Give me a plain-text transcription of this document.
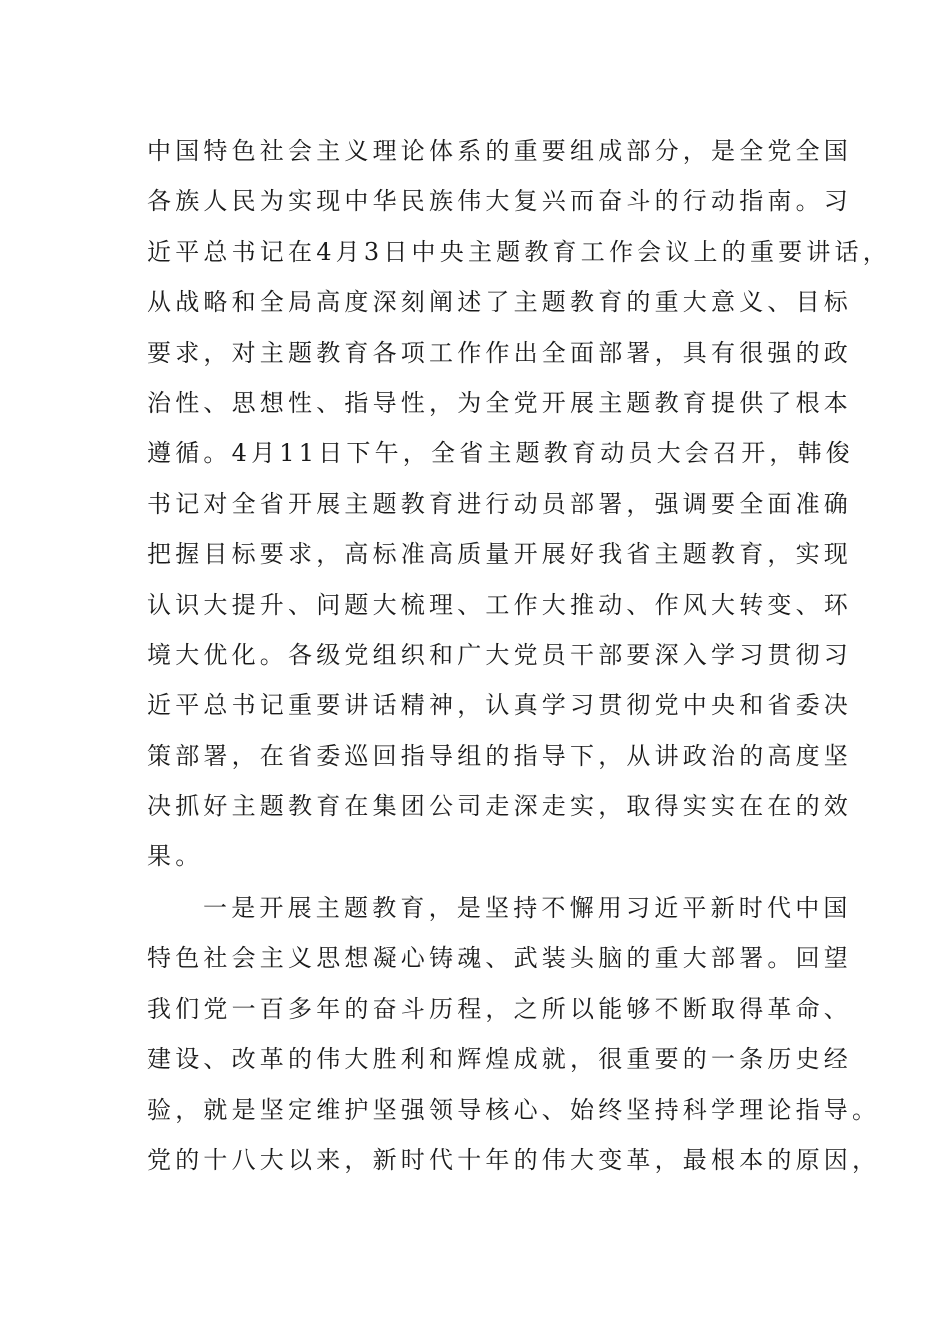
中国特色社会主义理论体系的重要组成部分，是全党全国
各族人民为实现中华民族伟大复兴而奋斗的行动指南。习
近平总书记在4月3日中央主题教育工作会议上的重要讲话，
从战略和全局高度深刻阐述了主题教育的重大意义、目标
要求，对主题教育各项工作作出全面部署，具有很强的政
治性、思想性、指导性，为全党开展主题教育提供了根本
遵循。4月11日下午，全省主题教育动员大会召开，韩俊
书记对全省开展主题教育进行动员部署，强调要全面准确
把握目标要求，高标准高质量开展好我省主题教育，实现
认识大提升、问题大梳理、工作大推动、作风大转变、环
境大优化。各级党组织和广大党员干部要深入学习贯彻习
近平总书记重要讲话精神，认真学习贯彻党中央和省委决
策部署，在省委巡回指导组的指导下，从讲政治的高度坚
决抓好主题教育在集团公司走深走实，取得实实在在的效
果。
一是开展主题教育，是坚持不懈用习近平新时代中国
特色社会主义思想凝心铸魂、武装头脑的重大部署。回望
我们党一百多年的奋斗历程，之所以能够不断取得革命、
建设、改革的伟大胜利和辉煌成就，很重要的一条历史经
验，就是坚定维护坚强领导核心、始终坚持科学理论指导。
党的十八大以来，新时代十年的伟大变革，最根本的原因，
